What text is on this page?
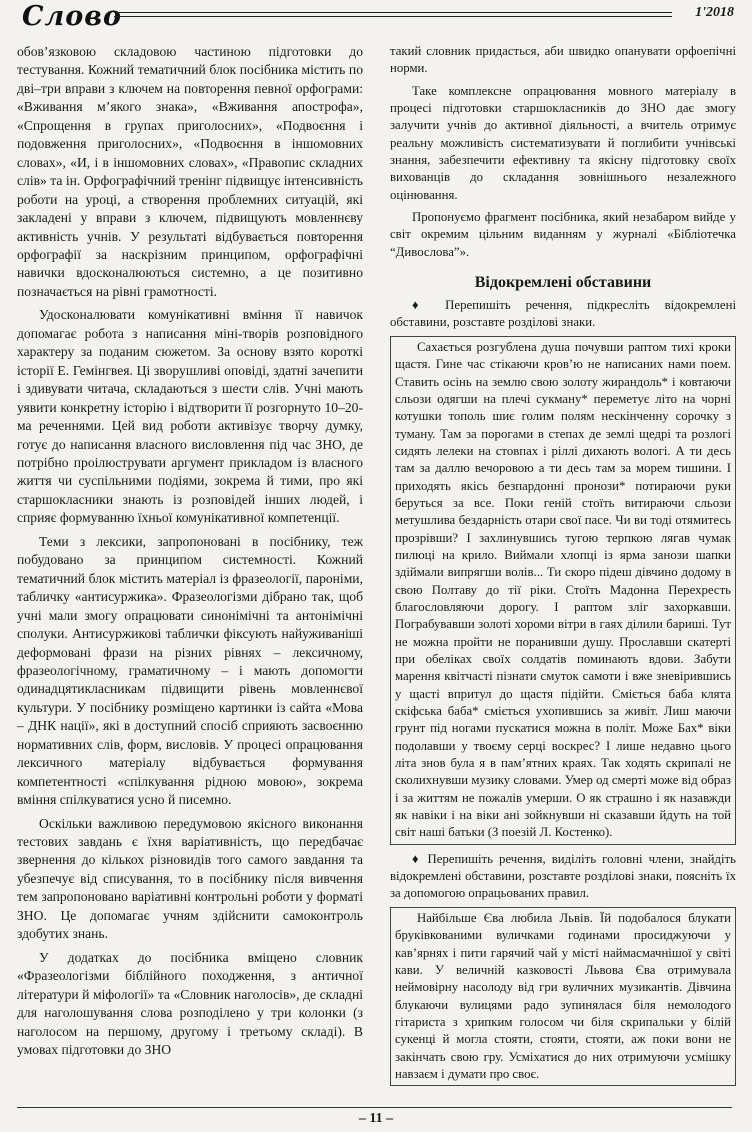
Слово	1'2018

обов’язковою складовою частиною підготовки до тестування. Кожний тематичний блок посібника містить по дві–три вправи з ключем на повторення певної орфограми: «Вживання м’якого знака», «Вживання апострофа», «Спрощення в групах приголосних», «Подвоєння і подовження приголосних», «Подвоєння в іншомовних словах», «И, і в іншомовних словах», «Правопис складних слів» та ін. Орфографічний тренінг підвищує інтенсивність роботи на уроці, а створення проблемних ситуацій, які закладені у вправи з ключем, підвищують мовленнєву активність учнів. У результаті відбувається повторення орфографії за наскрізним принципом, орфографічні навички вдосконалюються системно, а це позитивно позначається на рівні грамотності.

Удосконалювати комунікативні вміння її навичок допомагає робота з написання міні-творів розповідного характеру за поданим сюжетом. За основу взято короткі історії Е. Гемінгвея. Ці зворушливі оповіді, здатні зачепити і здивувати читача, складаються з шести слів. Учні мають уявити конкретну історію і відтворити її розгорнуто 10–20-ма реченнями. Цей вид роботи активізує творчу думку, готує до написання власного висловлення під час ЗНО, де потрібно проілюструвати аргумент прикладом із власного життя чи суспільними подіями, зокрема й тими, про які старшокласники знають із розповідей інших людей, і сприяє формуванню їхньої комунікативної компетенції.

Теми з лексики, запропоновані в посібнику, теж побудовано за принципом системності. Кожний тематичний блок містить матеріал із фразеології, пароніми, табличку «антисуржика». Фразеологізми дібрано так, щоб учні мали змогу опрацювати синонімічні та антонімічні сполуки. Антисуржикові таблички фіксують найуживаніші деформовані фрази на різних рівнях – лексичному, фразеологічному, граматичному – і мають допомогти одинадцятикласникам підвищити рівень мовленнєвої культури. У посібнику розміщено картинки із сайта «Мова – ДНК нації», які в доступний спосіб сприяють засвоєнню нормативних слів, форм, висловів. У процесі опрацювання лексичного матеріалу відбувається формування компетентності «спілкування рідною мовою», зокрема вміння спілкуватися усно й писемно.

Оскільки важливою передумовою якісного виконання тестових завдань є їхня варіативність, що передбачає звернення до кількох різновидів того самого завдання та убезпечує від списування, то в посібнику після вивчення тем запропоновано варіативні контрольні роботи у форматі ЗНО. Це допомагає учням здійснити самоконтроль здобутих знань.

У додатках до посібника вміщено словник «Фразеологізми біблійного походження, з античної літератури й міфології» та «Словник наголосів», де складні для наголошування слова розподілено у три колонки (з наголосом на першому, другому і третьому складі). В умовах підготовки до ЗНО

такий словник придасться, аби швидко опанувати орфоепічні норми.

Таке комплексне опрацювання мовного матеріалу в процесі підготовки старшокласників до ЗНО дає змогу залучити учнів до активної діяльності, а вчитель отримує реальну можливість систематизувати й поглибити учнівські знання, забезпечити ефективну та якісну підготовку своїх вихованців до складання зовнішнього незалежного оцінювання.

Пропонуємо фрагмент посібника, який незабаром вийде у світ окремим цільним виданням у журналі «Бібліотечка “Дивослова”».

Відокремлені обставини

♦ Перепишіть речення, підкресліть відокремлені обставини, розставте розділові знаки.

Сахається розгублена душа почувши раптом тихі кроки щастя. Гине час стікаючи кров’ю не написаних нами поем. Ставить осінь на землю свою золоту жирандоль* і ковтаючи сльози одягши на плечі сукману* переметує літо на чорні котушки тополь шиє голим полям нескінченну сорочку з туману. Там за порогами в степах де землі щедрі та розлогі сидять лелеки на стовпах і ріллі дихають вологі. А ти десь там за даллю вечоровою а ти десь там за морем тишини. І приходять якісь безпардонні пронози* потираючи руки беруться за все. Поки геній стоїть витираючи сльози метушлива бездарність отари свої пасе. Чи ви тоді отямитесь прозрівши? І захлинувшись тугою терпкою лягав чумак пилюці на крило. Виймали хлопці із ярма занози шапки здіймали випрягши волів... Ти скоро підеш дівчино додому в свою Полтаву до тії ріки. Стоїть Мадонна Перехресть благословляючи дорогу. І раптом зліг захоркавши. Пограбувавши золоті хороми вітри в гаях ділили бариші. Тут не можна пройти не поранивши душу. Прославши скатерті при обеліках своїх солдатів поминають вдови. Забути марення квітчасті пізнати смуток самоти і вже зневірившись у щасті впритул до щастя підійти. Сміється баба клята скіфська баба* сміється ухопившись за живіт. Лиш маючи грунт під ногами пускатися можна в політ. Може Бах* віки подолавши у твоєму серці воскрес? І лише недавно цього літа знов була я в пам’ятних краях. Так ходять скрипалі не сколихнувши музику словами. Умер од смерті може від образ і за життям не пожалів умерши. О як страшно і як назавжди як навіки і на віки ані зойкнувши ні сказавши йдуть на той світ наші батьки (З поезій Л. Костенко).

♦ Перепишіть речення, виділіть головні члени, знайдіть відокремлені обставини, розставте розділові знаки, поясніть їх за допомогою опрацьованих правил.

Найбільше Єва любила Львів. Їй подобалося блукати бруківкованими вуличками годинами просиджуючи у кав’ярнях і пити гарячий чай у місті наймасмачнішої у світі кави. У величній казковості Львова Єва отримувала неймовірну насолоду від гри вуличних музикантів. Дівчина блукаючи вулицями радо зупинялася біля немолодого гітариста з хрипким голосом чи біля скрипальки у білій сукенці й могла стояти, стояти, стояти, аж поки вони не закінчать свою гру. Усміхатися до них отримуючи усмішку навзаєм і думати про своє.

– 11 –
